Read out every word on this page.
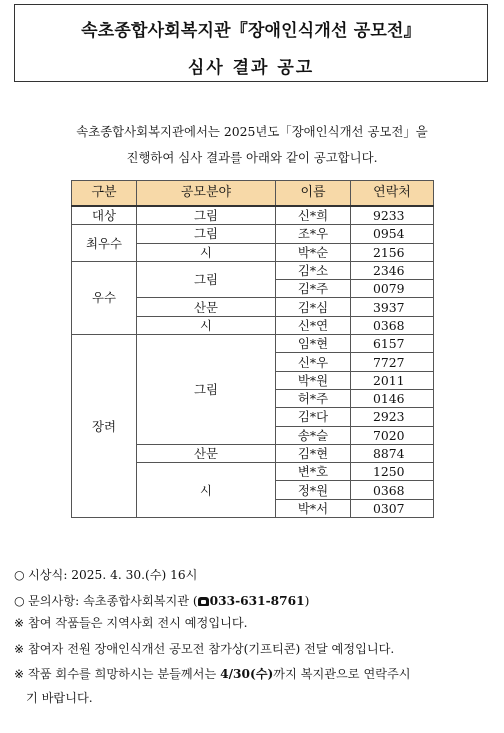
속초종합사회복지관『장애인식개선 공모전』
심사 결과 공고
속초종합사회복지관에서는 2025년도「장애인식개선 공모전」을
진행하여 심사 결과를 아래와 같이 공고합니다.
구분	공모분야	이름	연락처
대상	그림	신*희	9233
최우수	그림	조*우	0954
	시	박*순	2156
우수	그림	김*소	2346
		김*주	0079
	산문	김*심	3937
	시	신*연	0368
장려	그림	임*현	6157
		신*우	7727
		박*원	2011
		허*주	0146
		김*다	2923
		송*슬	7020
	산문	김*현	8874
	시	변*호	1250
		정*원	0368
		박*서	0307
○ 시상식: 2025. 4. 30.(수) 16시
○ 문의사항: 속초종합사회복지관 ( 033-631-8761)
※ 참여 작품들은 지역사회 전시 예정입니다.
※ 참여자 전원 장애인식개선 공모전 참가상(기프티콘) 전달 예정입니다.
※ 작품 회수를 희망하시는 분들께서는 4/30(수)까지 복지관으로 연락주시
기 바랍니다.
